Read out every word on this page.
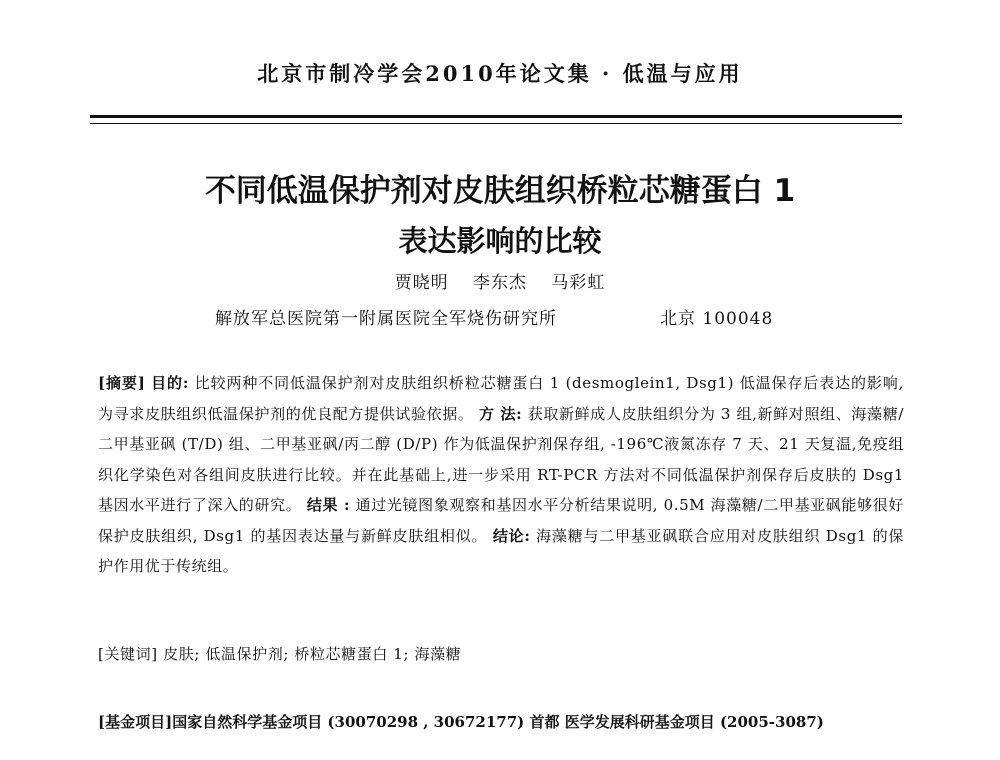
北京市制冷学会2010年论文集 · 低温与应用
不同低温保护剂对皮肤组织桥粒芯糖蛋白 1
表达影响的比较
贾晓明 李东杰 马彩虹
解放军总医院第一附属医院全军烧伤研究所	北京 100048
[摘要] 目的: 比较两种不同低温保护剂对皮肤组织桥粒芯糖蛋白 1 (desmoglein1, Dsg1) 低温保存后表达的影响,为寻求皮肤组织低温保护剂的优良配方提供试验依据。 方 法: 获取新鲜成人皮肤组织分为 3 组,新鲜对照组、海藻糖/二甲基亚砜 (T/D) 组、二甲基亚砜/丙二醇 (D/P) 作为低温保护剂保存组, -196℃液氮冻存 7 天、21 天复温,免疫组织化学染色对各组间皮肤进行比较。并在此基础上,进一步采用 RT-PCR 方法对不同低温保护剂保存后皮肤的 Dsg1 基因水平进行了深入的研究。 结果 : 通过光镜图象观察和基因水平分析结果说明, 0.5M 海藻糖/二甲基亚砜能够很好保护皮肤组织, Dsg1 的基因表达量与新鲜皮肤组相似。 结论: 海藻糖与二甲基亚砜联合应用对皮肤组织 Dsg1 的保护作用优于传统组。
[关键词] 皮肤; 低温保护剂; 桥粒芯糖蛋白 1; 海藻糖
[基金项目]国家自然科学基金项目 (30070298 , 30672177) 首都 医学发展科研基金项目 (2005-3087)
